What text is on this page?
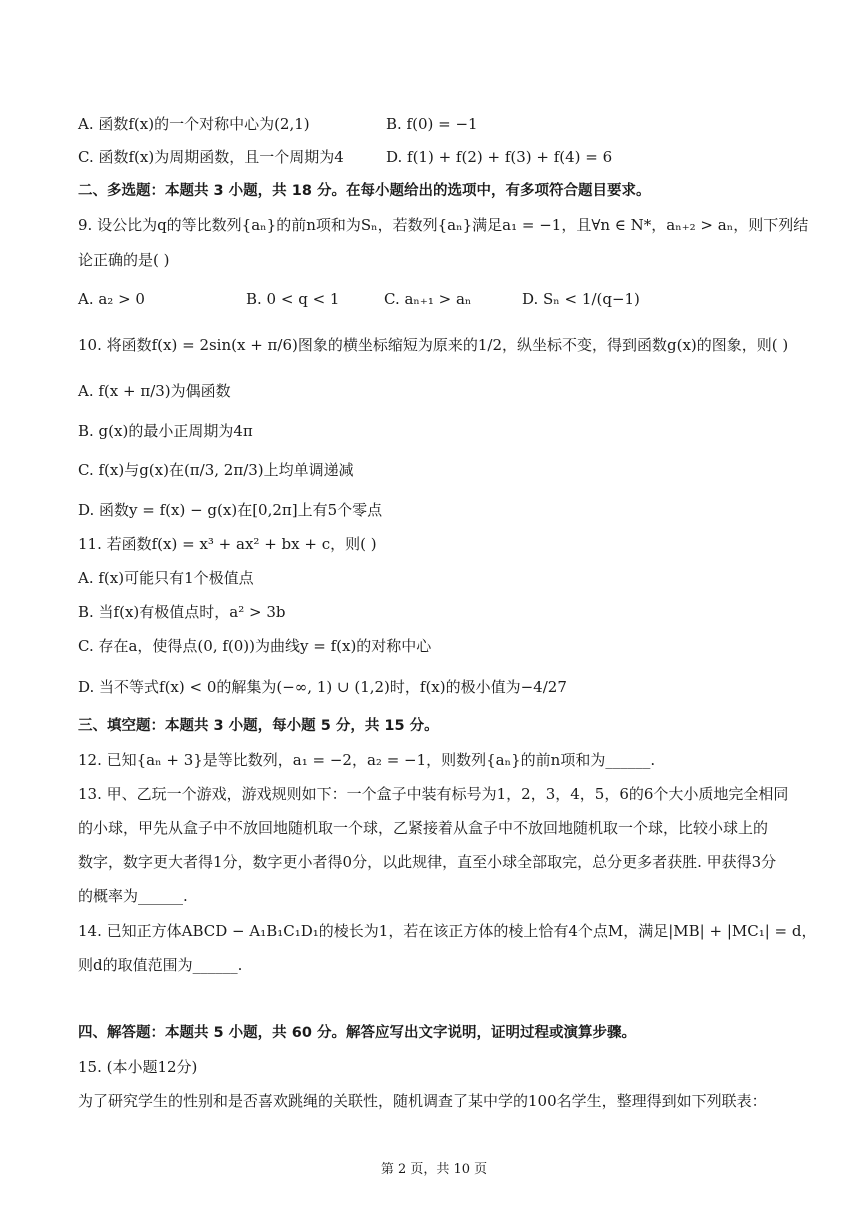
A. 函数f(x)的一个对称中心为(2,1)	B. f(0) = −1
C. 函数f(x)为周期函数，且一个周期为4	D. f(1) + f(2) + f(3) + f(4) = 6
二、多选题：本题共 3 小题，共 18 分。在每小题给出的选项中，有多项符合题目要求。
9. 设公比为q的等比数列{aₙ}的前n项和为Sₙ，若数列{aₙ}满足a₁ = −1，且∀n ∈ N*，aₙ₊₂ > aₙ，则下列结
论正确的是( )
A. a₂ > 0	B. 0 < q < 1	C. aₙ₊₁ > aₙ	D. Sₙ < 1/(q−1)
10. 将函数f(x) = 2sin(x + π/6)图象的横坐标缩短为原来的1/2，纵坐标不变，得到函数g(x)的图象，则( )
A. f(x + π/3)为偶函数
B. g(x)的最小正周期为4π
C. f(x)与g(x)在(π/3, 2π/3)上均单调递减
D. 函数y = f(x) − g(x)在[0,2π]上有5个零点
11. 若函数f(x) = x³ + ax² + bx + c，则( )
A. f(x)可能只有1个极值点
B. 当f(x)有极值点时，a² > 3b
C. 存在a，使得点(0, f(0))为曲线y = f(x)的对称中心
D. 当不等式f(x) < 0的解集为(−∞, 1) ∪ (1,2)时，f(x)的极小值为−4/27
三、填空题：本题共 3 小题，每小题 5 分，共 15 分。
12. 已知{aₙ + 3}是等比数列，a₁ = −2，a₂ = −1，则数列{aₙ}的前n项和为______.
13. 甲、乙玩一个游戏，游戏规则如下：一个盒子中装有标号为1，2，3，4，5，6的6个大小质地完全相同
的小球，甲先从盒子中不放回地随机取一个球，乙紧接着从盒子中不放回地随机取一个球，比较小球上的
数字，数字更大者得1分，数字更小者得0分，以此规律，直至小球全部取完，总分更多者获胜. 甲获得3分
的概率为______.
14. 已知正方体ABCD − A₁B₁C₁D₁的棱长为1，若在该正方体的棱上恰有4个点M，满足|MB| + |MC₁| = d，
则d的取值范围为______.
四、解答题：本题共 5 小题，共 60 分。解答应写出文字说明，证明过程或演算步骤。
15. (本小题12分)
为了研究学生的性别和是否喜欢跳绳的关联性，随机调查了某中学的100名学生，整理得到如下列联表：
第 2 页，共 10 页
